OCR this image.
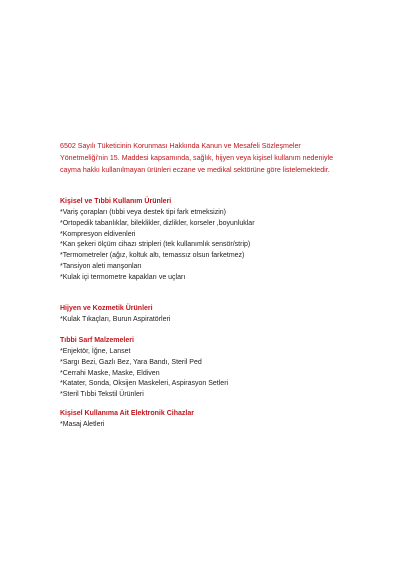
6502 Sayılı Tüketicinin Korunması Hakkında Kanun ve Mesafeli Sözleşmeler Yönetmeliği'nin 15. Maddesi kapsamında, sağlık, hijyen veya kişisel kullanım nedeniyle cayma hakkı kullanılmayan ürünleri eczane ve medikal sektörüne göre listelemektedir.
Kişisel ve Tıbbi Kullanım Ürünleri
*Variş çorapları (tıbbi veya destek tipi fark etmeksizin)
*Ortopedik tabanlıklar, bileklikler, dizlikler, korseler ,boyunluklar
*Kompresyon eldivenleri
*Kan şekeri ölçüm cihazı stripleri (tek kullanımlık sensör/strip)
*Termometreler (ağız, koltuk altı, temassız olsun farketmez)
*Tansiyon aleti manşonları
*Kulak içi termometre kapakları ve uçları
Hijyen ve Kozmetik Ürünleri
*Kulak Tıkaçları, Burun Aspiratörleri
Tıbbi Sarf Malzemeleri
*Enjektör, İğne, Lanset
*Sargı Bezi, Gazlı Bez, Yara Bandı, Steril Ped
*Cerrahi Maske, Maske, Eldiven
*Katater, Sonda, Oksijen Maskeleri, Aspirasyon Setleri
*Steril Tıbbi Tekstil Ürünleri
Kişisel Kullanıma Ait Elektronik Cihazlar
*Masaj Aletleri
